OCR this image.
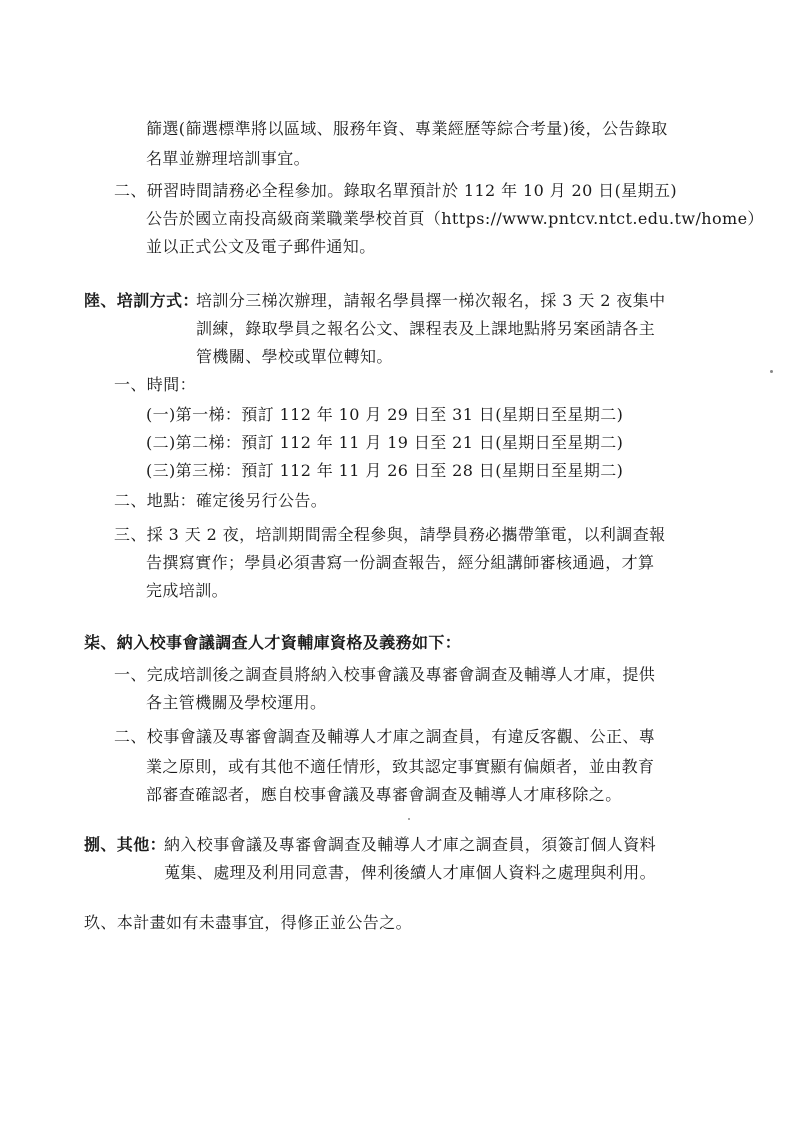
篩選(篩選標準將以區域、服務年資、專業經歷等綜合考量)後，公告錄取
名單並辦理培訓事宜。
二、研習時間請務必全程參加。錄取名單預計於 112 年 10 月 20 日(星期五)
公告於國立南投高級商業職業學校首頁（https://www.pntcv.ntct.edu.tw/home）
並以正式公文及電子郵件通知。
陸、培訓方式：
培訓分三梯次辦理，請報名學員擇一梯次報名，採 3 天 2 夜集中
訓練，錄取學員之報名公文、課程表及上課地點將另案函請各主
管機關、學校或單位轉知。
一、時間：
(一)第一梯：預訂 112 年 10 月 29 日至 31 日(星期日至星期二)
(二)第二梯：預訂 112 年 11 月 19 日至 21 日(星期日至星期二)
(三)第三梯：預訂 112 年 11 月 26 日至 28 日(星期日至星期二)
二、地點：確定後另行公告。
三、採 3 天 2 夜，培訓期間需全程參與，請學員務必攜帶筆電，以利調查報
告撰寫實作；學員必須書寫一份調查報告，經分組講師審核通過，才算
完成培訓。
柒、納入校事會議調查人才資輔庫資格及義務如下：
一、完成培訓後之調查員將納入校事會議及專審會調查及輔導人才庫，提供
各主管機關及學校運用。
二、校事會議及專審會調查及輔導人才庫之調查員，有違反客觀、公正、專
業之原則，或有其他不適任情形，致其認定事實顯有偏頗者，並由教育
部審查確認者，應自校事會議及專審會調查及輔導人才庫移除之。
捌、其他：
納入校事會議及專審會調查及輔導人才庫之調查員，須簽訂個人資料
蒐集、處理及利用同意書，俾利後續人才庫個人資料之處理與利用。
玖、本計畫如有未盡事宜，得修正並公告之。
